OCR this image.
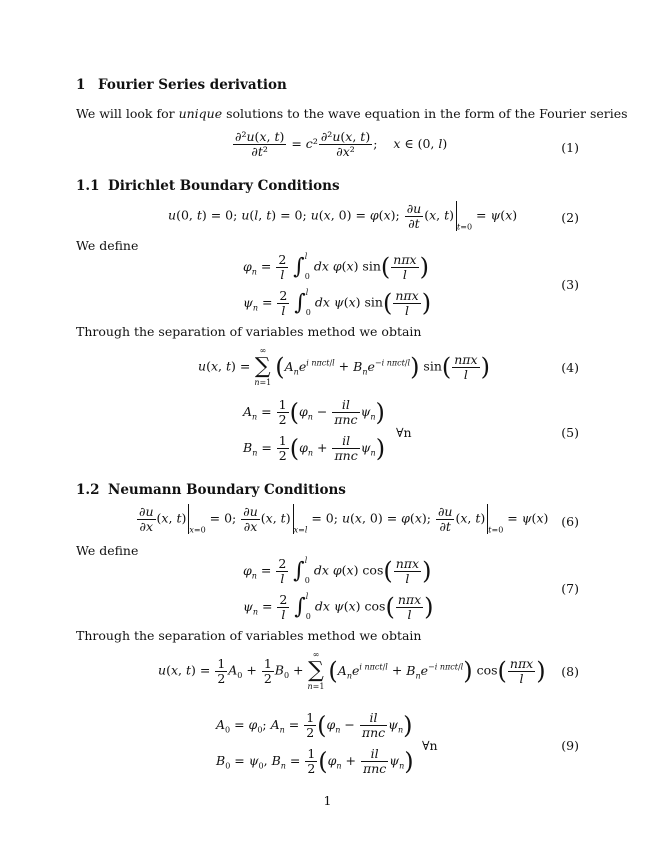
1 Fourier Series derivation
We will look for unique solutions to the wave equation in the form of the Fourier series
$\frac{\text{∂²u(x, t)}}{\text{∂t²}} = c^2 \frac{\text{∂²u(x, t)}}{\text{∂x²}}$ ;    x ∈ (0, l)	(1)
1.1 Dirichlet Boundary Conditions
u(0, t) = 0; u(l, t) = 0; u(x, 0) = φ(x); $\frac{\partial u}{\partial t} (x$, $t)_{t=0} = \psi(x)$	(2)
We define
$\varphi_n = \frac{2}{l} \int l$

0 dx φ(x) $\sin( \frac{\text{nπx}}{l}$ )
$\psi_n = \frac{2}{l} \int l$

0 dx ψ(x) $\sin( \frac{\text{nπx}}{l}$ )
(3)
Through the separation of variables method we obtain
u(x, t) =
∞
∑
n=1
$(A_ne^{i n\pi ct/l} + B_ne^{-i n\pi ct/l})$ $\sin( \frac{\text{nπx}}{l}$ )	(4)
$A_n = \frac{1}{2} (\varphi_n - \frac{il}{\text{πnc}} \psi_n)$
$B_n = \frac{1}{2} (\varphi_n + \frac{il}{\text{πnc}} \psi_n)$
∀n	(5)
1.2 Neumann Boundary Conditions
$\frac{\partial u}{\partial x} (x$, $t)_{x=0} = 0$; $\frac{\partial u}{\partial x} (x$, $t)_{x=l} = 0$; u(x, 0) = φ(x); $\frac{\partial u}{\partial t} (x$, $t)_{t=0} = \psi(x)$ (6)
We define
$\varphi_n = \frac{2}{l} \int l$

0 dx φ(x) $\cos( \frac{\text{nπx}}{l}$ )
$\psi_n = \frac{2}{l} \int l$

0 dx ψ(x) $\cos( \frac{\text{nπx}}{l}$ )
(7)
Through the separation of variables method we obtain
u(x, $t) = \frac{1}{2} A_0 + \frac{1}{2} B_0$ +
∞
∑
n=1
$(A_ne^{i n\pi ct/l} + B_ne^{-i n\pi ct/l})$ $\cos( \frac{\text{nπx}}{l}$ ) (8)
$A_0 = \varphi_0$; $A_n = \frac{1}{2} (\varphi_n - \frac{il}{\text{πnc}} \psi_n)$
$B_0 = \psi_0$, $B_n = \frac{1}{2} (\varphi_n + \frac{il}{\text{πnc}} \psi_n)$
∀n	(9)
1
